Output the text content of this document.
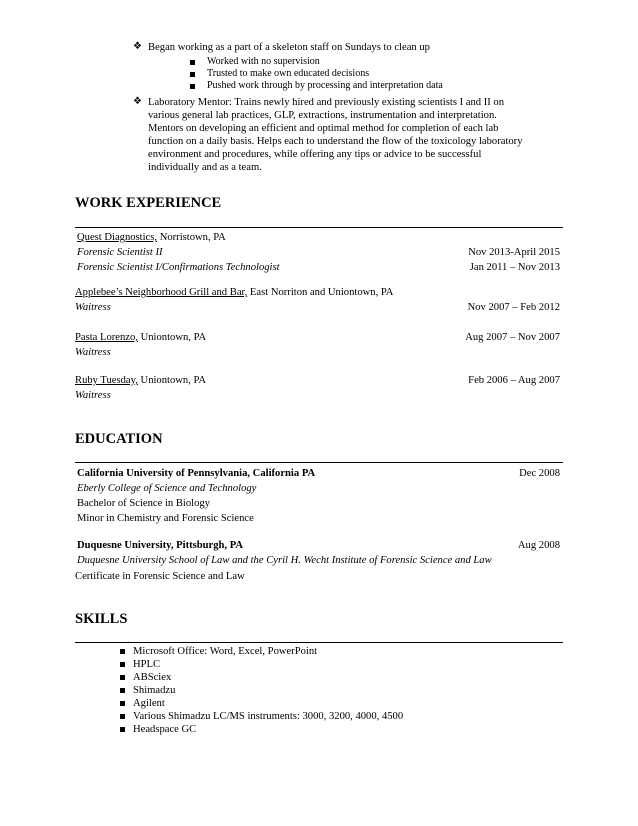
❖ Began working as a part of a skeleton staff on Sundays to clean up
Worked with no supervision
Trusted to make own educated decisions
Pushed work through by processing and interpretation data
❖ Laboratory Mentor: Trains newly hired and previously existing scientists I and II on
various general lab practices, GLP, extractions, instrumentation and interpretation.
Mentors on developing an efficient and optimal method for completion of each lab
function on a daily basis. Helps each to understand the flow of the toxicology laboratory
environment and procedures, while offering any tips or advice to be successful
individually and as a team.
WORK EXPERIENCE
Quest Diagnostics, Norristown, PA
Forensic Scientist II	Nov 2013-April 2015
Forensic Scientist I/Confirmations Technologist	Jan 2011 – Nov 2013
Applebee’s Neighborhood Grill and Bar, East Norriton and Uniontown, PA
Waitress	Nov 2007 – Feb 2012
Pasta Lorenzo, Uniontown, PA	Aug 2007 – Nov 2007
Waitress
Ruby Tuesday, Uniontown, PA	Feb 2006 – Aug 2007
Waitress
EDUCATION
California University of Pennsylvania, California PA	Dec 2008
Eberly College of Science and Technology
Bachelor of Science in Biology
Minor in Chemistry and Forensic Science
Duquesne University, Pittsburgh, PA	Aug 2008
Duquesne University School of Law and the Cyril H. Wecht Institute of Forensic Science and Law
Certificate in Forensic Science and Law
SKILLS
Microsoft Office: Word, Excel, PowerPoint
HPLC
ABSciex
Shimadzu
Agilent
Various Shimadzu LC/MS instruments: 3000, 3200, 4000, 4500
Headspace GC
